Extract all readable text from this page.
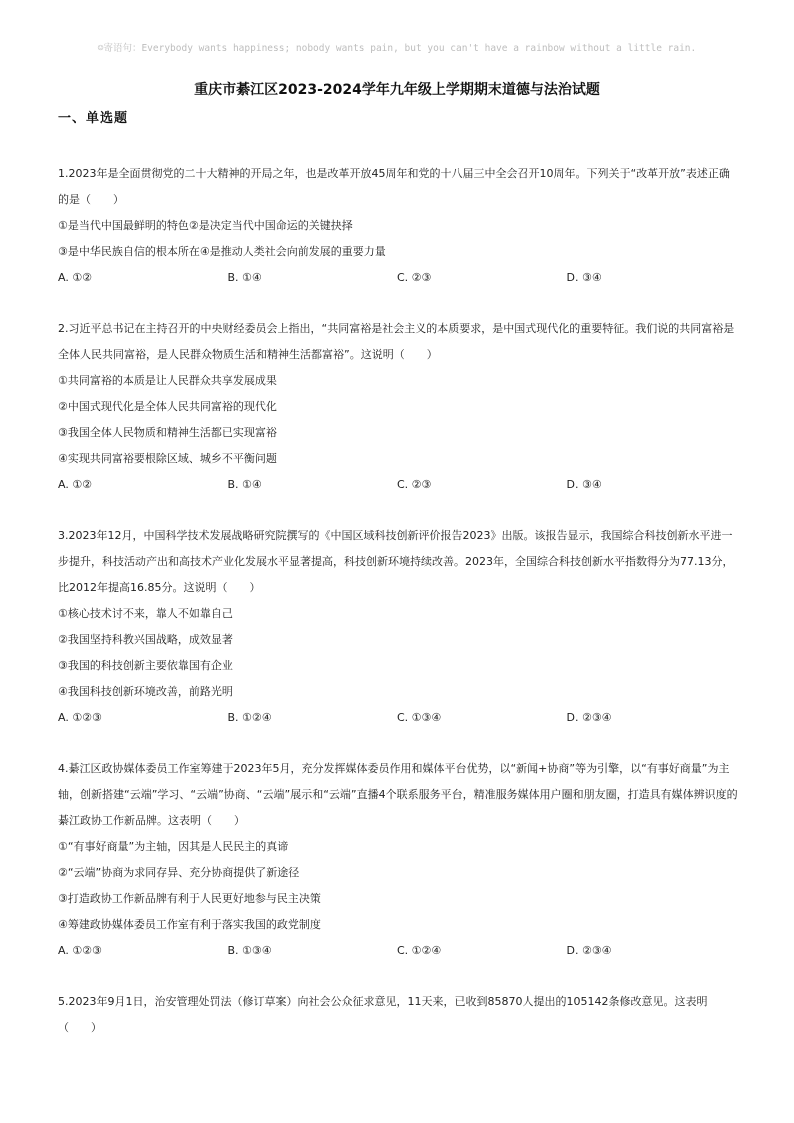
☺寄语句：Everybody wants happiness; nobody wants pain, but you can't have a rainbow without a little rain.
重庆市綦江区2023-2024学年九年级上学期期末道德与法治试题
一、单选题

1.2023年是全面贯彻党的二十大精神的开局之年，也是改革开放45周年和党的十八届三中全会召开10周年。下列关于“改革开放”表述正确的是（　　）

①是当代中国最鲜明的特色②是决定当代中国命运的关键抉择

③是中华民族自信的根本所在④是推动人类社会向前发展的重要力量

A. ①②	B. ①④	C. ②③	D. ③④

2.习近平总书记在主持召开的中央财经委员会上指出，“共同富裕是社会主义的本质要求，是中国式现代化的重要特征。我们说的共同富裕是全体人民共同富裕，是人民群众物质生活和精神生活都富裕”。这说明（　　）

①共同富裕的本质是让人民群众共享发展成果

②中国式现代化是全体人民共同富裕的现代化

③我国全体人民物质和精神生活都已实现富裕

④实现共同富裕要根除区域、城乡不平衡问题

A. ①②	B. ①④	C. ②③	D. ③④

3.2023年12月，中国科学技术发展战略研究院撰写的《中国区域科技创新评价报告2023》出版。该报告显示，我国综合科技创新水平进一步提升，科技活动产出和高技术产业化发展水平显著提高，科技创新环境持续改善。2023年，全国综合科技创新水平指数得分为77.13分，比2012年提高16.85分。这说明（　　）

①核心技术讨不来，靠人不如靠自己

②我国坚持科教兴国战略，成效显著

③我国的科技创新主要依靠国有企业

④我国科技创新环境改善，前路光明

A. ①②③	B. ①②④	C. ①③④	D. ②③④

4.綦江区政协媒体委员工作室筹建于2023年5月，充分发挥媒体委员作用和媒体平台优势，以“新闻+协商”等为引擎，以“有事好商量”为主轴，创新搭建“云端”学习、“云端”协商、“云端”展示和“云端”直播4个联系服务平台，精准服务媒体用户圈和朋友圈，打造具有媒体辨识度的綦江政协工作新品牌。这表明（　　）

①“有事好商量”为主轴，因其是人民民主的真谛

②“云端”协商为求同存异、充分协商提供了新途径

③打造政协工作新品牌有利于人民更好地参与民主决策

④筹建政协媒体委员工作室有利于落实我国的政党制度

A. ①②③	B. ①③④	C. ①②④	D. ②③④

5.2023年9月1日，治安管理处罚法（修订草案）向社会公众征求意见，11天来，已收到85870人提出的105142条修改意见。这表明（　　）
